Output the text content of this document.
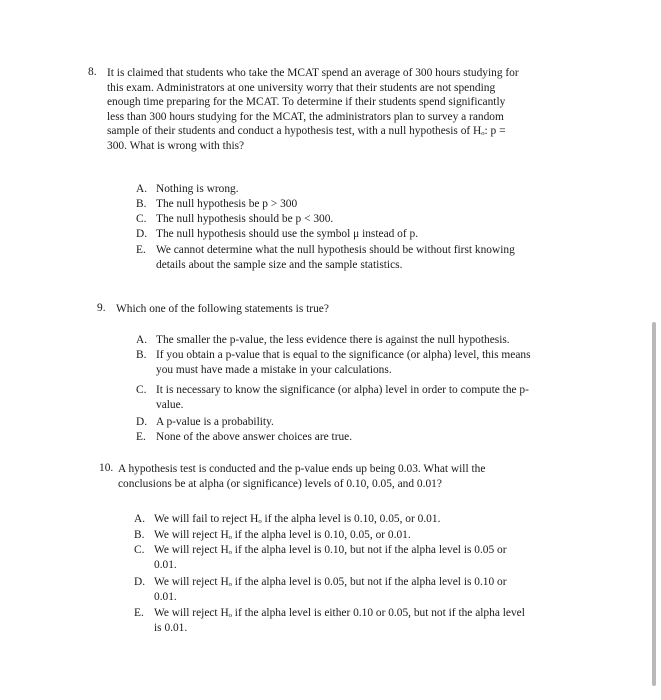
8. It is claimed that students who take the MCAT spend an average of 300 hours studying for
this exam. Administrators at one university worry that their students are not spending
enough time preparing for the MCAT. To determine if their students spend significantly
less than 300 hours studying for the MCAT, the administrators plan to survey a random
sample of their students and conduct a hypothesis test, with a null hypothesis of Hₒ: p =
300. What is wrong with this?
A. Nothing is wrong.
B. The null hypothesis be p > 300
C. The null hypothesis should be p < 300.
D. The null hypothesis should use the symbol μ instead of p.
E. We cannot determine what the null hypothesis should be without first knowing
details about the sample size and the sample statistics.
9. Which one of the following statements is true?
A. The smaller the p-value, the less evidence there is against the null hypothesis.
B. If you obtain a p-value that is equal to the significance (or alpha) level, this means
you must have made a mistake in your calculations.
C. It is necessary to know the significance (or alpha) level in order to compute the p-
value.
D. A p-value is a probability.
E. None of the above answer choices are true.
10. A hypothesis test is conducted and the p-value ends up being 0.03. What will the
conclusions be at alpha (or significance) levels of 0.10, 0.05, and 0.01?
A. We will fail to reject Hₒ if the alpha level is 0.10, 0.05, or 0.01.
B. We will reject Hₒ if the alpha level is 0.10, 0.05, or 0.01.
C. We will reject Hₒ if the alpha level is 0.10, but not if the alpha level is 0.05 or
0.01.
D. We will reject Hₒ if the alpha level is 0.05, but not if the alpha level is 0.10 or
0.01.
E. We will reject Hₒ if the alpha level is either 0.10 or 0.05, but not if the alpha level
is 0.01.
